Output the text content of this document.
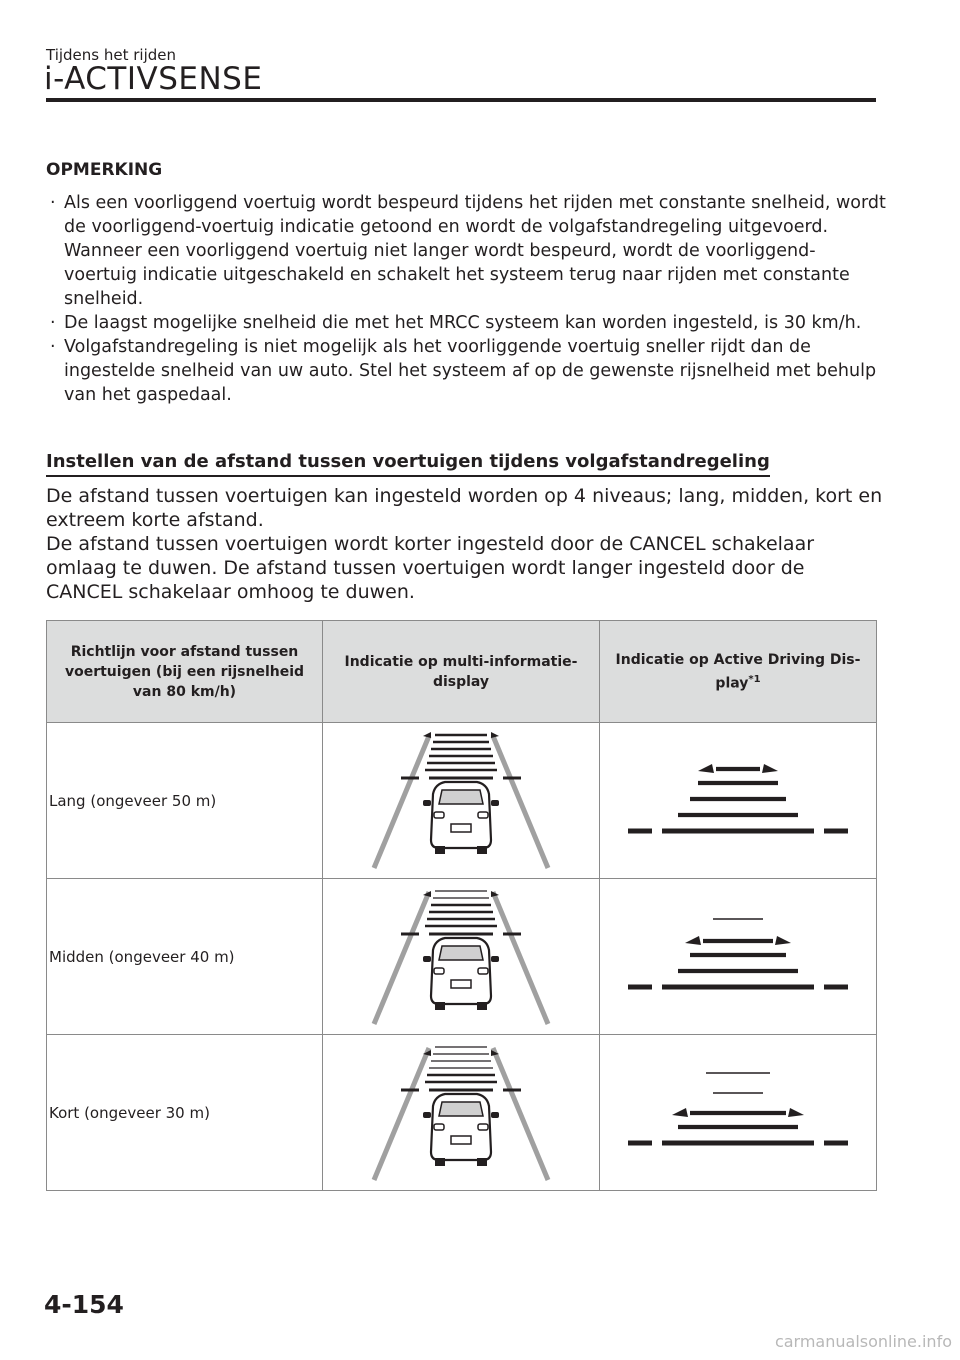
Tijdens het rijden
i-ACTIVSENSE
OPMERKING
· Als een voorliggend voertuig wordt bespeurd tijdens het rijden met constante snelheid, wordt de voorliggend-voertuig indicatie getoond en wordt de volgafstandregeling uitgevoerd. Wanneer een voorliggend voertuig niet langer wordt bespeurd, wordt de voorliggend-voertuig indicatie uitgeschakeld en schakelt het systeem terug naar rijden met constante snelheid.
· De laagst mogelijke snelheid die met het MRCC systeem kan worden ingesteld, is 30 km/h.
· Volgafstandregeling is niet mogelijk als het voorliggende voertuig sneller rijdt dan de ingestelde snelheid van uw auto. Stel het systeem af op de gewenste rijsnelheid met behulp van het gaspedaal.
Instellen van de afstand tussen voertuigen tijdens volgafstandregeling

De afstand tussen voertuigen kan ingesteld worden op 4 niveaus; lang, midden, kort en extreem korte afstand.

De afstand tussen voertuigen wordt korter ingesteld door de CANCEL schakelaar omlaag te duwen. De afstand tussen voertuigen wordt langer ingesteld door de CANCEL schakelaar omhoog te duwen.

Richtlijn voor afstand tussen voertuigen (bij een rijsnelheid van 80 km/h)	Indicatie op multi-informatie-display	Indicatie op Active Driving Dis-play$^{*1}$
Lang (ongeveer 50 m)	

Midden (ongeveer 40 m)	

Kort (ongeveer 30 m)	

4-154
carmanualsonline.info
